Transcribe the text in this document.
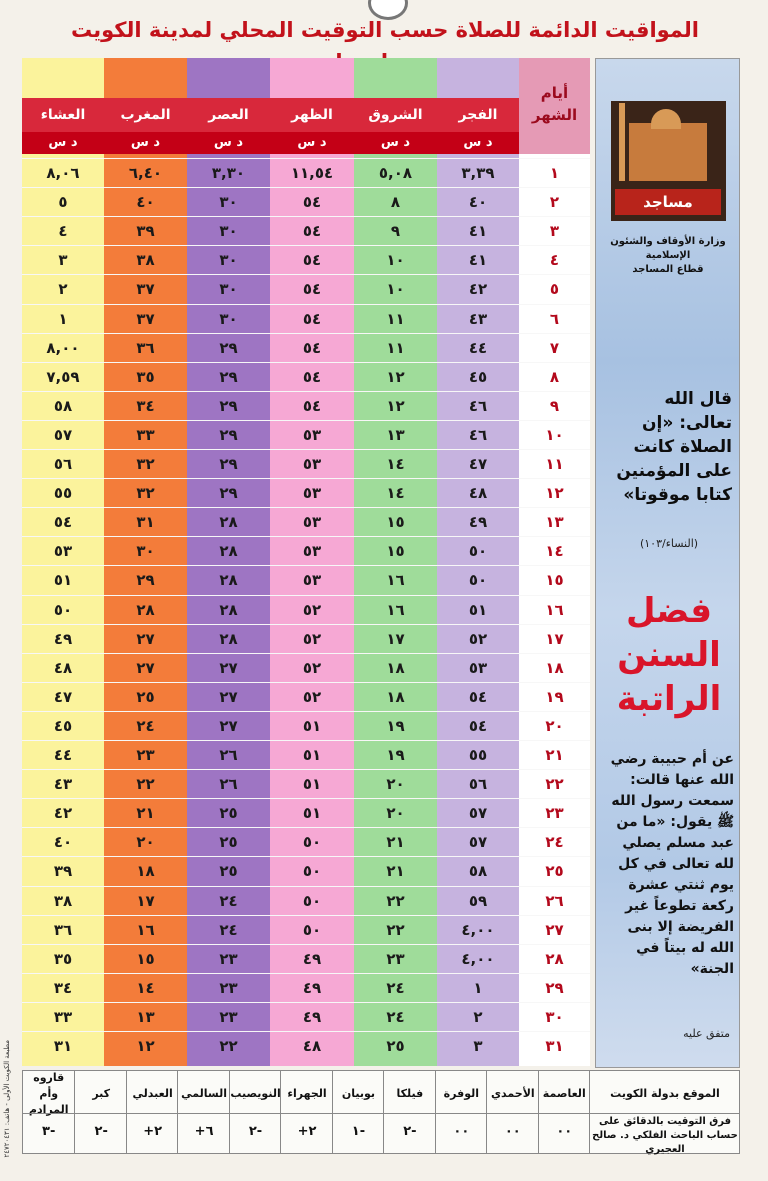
المواقيت الدائمة للصلاة حسب التوقيت المحلي لمدينة الكويت
أيام الشهر
الفجر
د س
٣,٣٩
٤٠
٤١
٤١
٤٢
٤٣
٤٤
٤٥
٤٦
٤٦
٤٧
٤٨
٤٩
٥٠
٥٠
٥١
٥٢
٥٣
٥٤
٥٤
٥٥
٥٦
٥٧
٥٧
٥٨
٥٩
٤,٠٠
٤,٠٠
١
٢
٣
الشروق
د س
٥,٠٨
٨
٩
١٠
١٠
١١
١١
١٢
١٢
١٣
١٤
١٤
١٥
١٥
١٦
١٦
١٧
١٨
١٨
١٩
١٩
٢٠
٢٠
٢١
٢١
٢٢
٢٢
٢٣
٢٤
٢٤
٢٥
الظهر
د س
١١,٥٤
٥٤
٥٤
٥٤
٥٤
٥٤
٥٤
٥٤
٥٤
٥٣
٥٣
٥٣
٥٣
٥٣
٥٣
٥٢
٥٢
٥٢
٥٢
٥١
٥١
٥١
٥١
٥٠
٥٠
٥٠
٥٠
٤٩
٤٩
٤٩
٤٨
العصر
د س
٣,٣٠
٣٠
٣٠
٣٠
٣٠
٣٠
٢٩
٢٩
٢٩
٢٩
٢٩
٢٩
٢٨
٢٨
٢٨
٢٨
٢٨
٢٧
٢٧
٢٧
٢٦
٢٦
٢٥
٢٥
٢٥
٢٤
٢٤
٢٣
٢٣
٢٣
٢٢
المغرب
د س
٦,٤٠
٤٠
٣٩
٣٨
٣٧
٣٧
٣٦
٣٥
٣٤
٣٣
٣٢
٣٢
٣١
٣٠
٢٩
٢٨
٢٧
٢٧
٢٥
٢٤
٢٣
٢٢
٢١
٢٠
١٨
١٧
١٦
١٥
١٤
١٣
١٢
العشاء
د س
٨,٠٦
٥
٤
٣
٢
١
٨,٠٠
٧,٥٩
٥٨
٥٧
٥٦
٥٥
٥٤
٥٣
٥١
٥٠
٤٩
٤٨
٤٧
٤٥
٤٤
٤٣
٤٢
٤٠
٣٩
٣٨
٣٦
٣٥
٣٤
٣٣
٣١
١
٢
٣
٤
٥
٦
٧
٨
٩
١٠
١١
١٢
١٣
١٤
١٥
١٦
١٧
١٨
١٩
٢٠
٢١
٢٢
٢٣
٢٤
٢٥
٢٦
٢٧
٢٨
٢٩
٣٠
٣١
مطبعة الكويت الأولى - هاتف: ٢٤٧٢٠٤٣١
مساجد
وزارة الأوقاف والشئون الإسلامية
قطاع المساجد
قال الله تعالى: «إن الصلاة كانت على المؤمنين كتابا موقوتا»
(النساء/١٠٣)
فضل السنن الراتبة
عن أم حبيبة رضي الله عنها قالت: سمعت رسول الله ﷺ يقول: «ما من عبد مسلم يصلي لله تعالى في كل يوم ثنتي عشرة ركعة تطوعاً غير الفريضة إلا بنى الله له بيتاً في الجنة»
متفق عليه
الموقع بدولة الكويت
فرق التوقيت بالدقائق على حساب الباحث الفلكي د. صالح العجيري
العاصمة
٠٠
الأحمدي
٠٠
الوفرة
٠٠
فيلكا
٢-
بوبيان
١-
الجهراء
+٢
النويصيب
٢-
السالمي
+٦
العبدلي
+٢
كبر
٢-
قاروه وأم المرادم
٣-
